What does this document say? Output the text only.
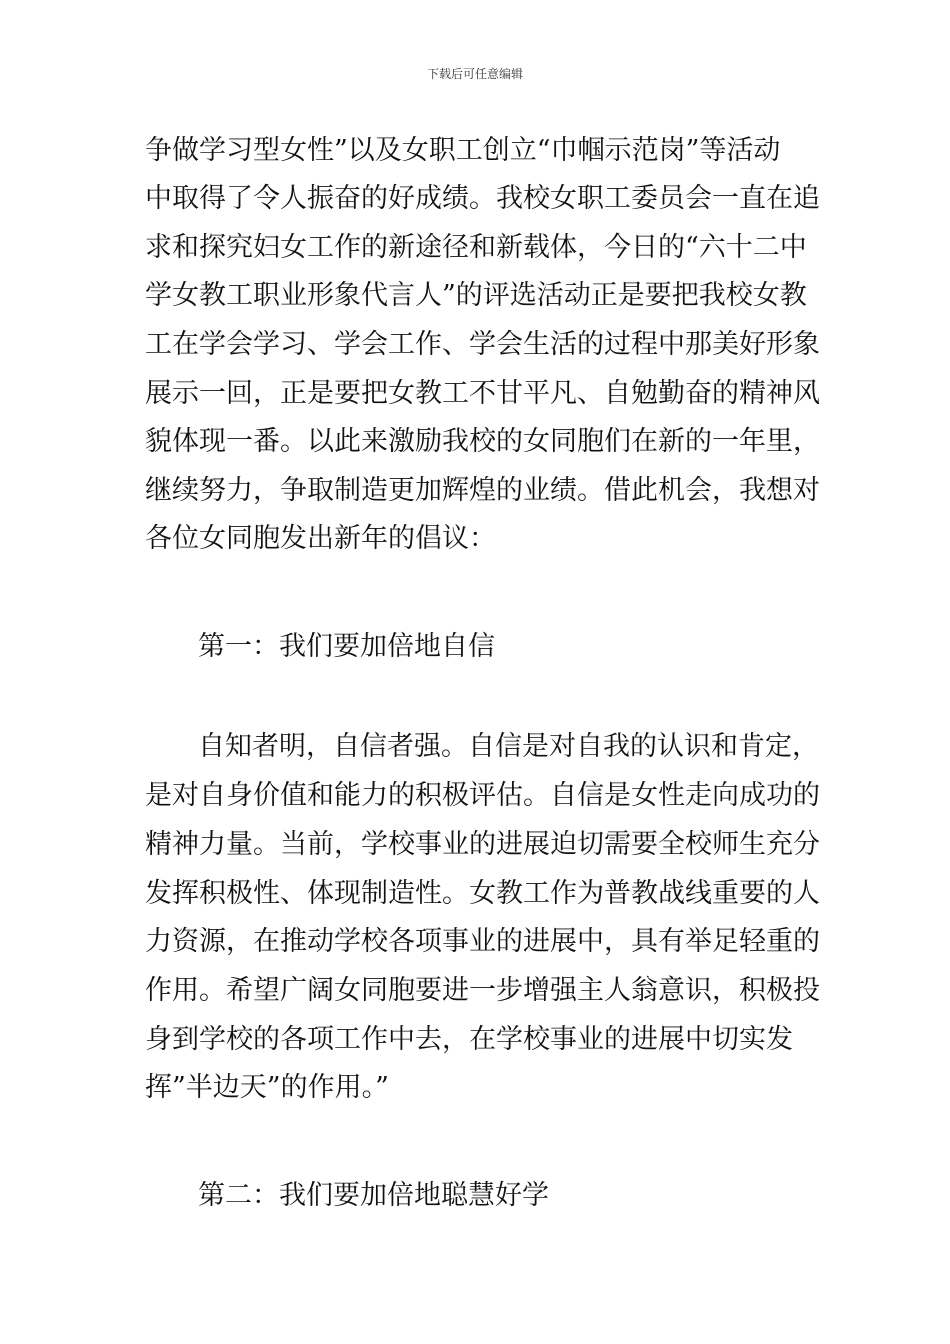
下载后可任意编辑
争做学习型女性”以及女职工创立“巾帼示范岗”等活动
中取得了令人振奋的好成绩。我校女职工委员会一直在追
求和探究妇女工作的新途径和新载体，今日的“六十二中
学女教工职业形象代言人”的评选活动正是要把我校女教
工在学会学习、学会工作、学会生活的过程中那美好形象
展示一回，正是要把女教工不甘平凡、自勉勤奋的精神风
貌体现一番。以此来激励我校的女同胞们在新的一年里，
继续努力，争取制造更加辉煌的业绩。借此机会，我想对
各位女同胞发出新年的倡议：
第一：我们要加倍地自信
自知者明，自信者强。自信是对自我的认识和肯定，
是对自身价值和能力的积极评估。自信是女性走向成功的
精神力量。当前，学校事业的进展迫切需要全校师生充分
发挥积极性、体现制造性。女教工作为普教战线重要的人
力资源，在推动学校各项事业的进展中，具有举足轻重的
作用。希望广阔女同胞要进一步增强主人翁意识，积极投
身到学校的各项工作中去，在学校事业的进展中切实发
挥”半边天”的作用。”
第二：我们要加倍地聪慧好学
